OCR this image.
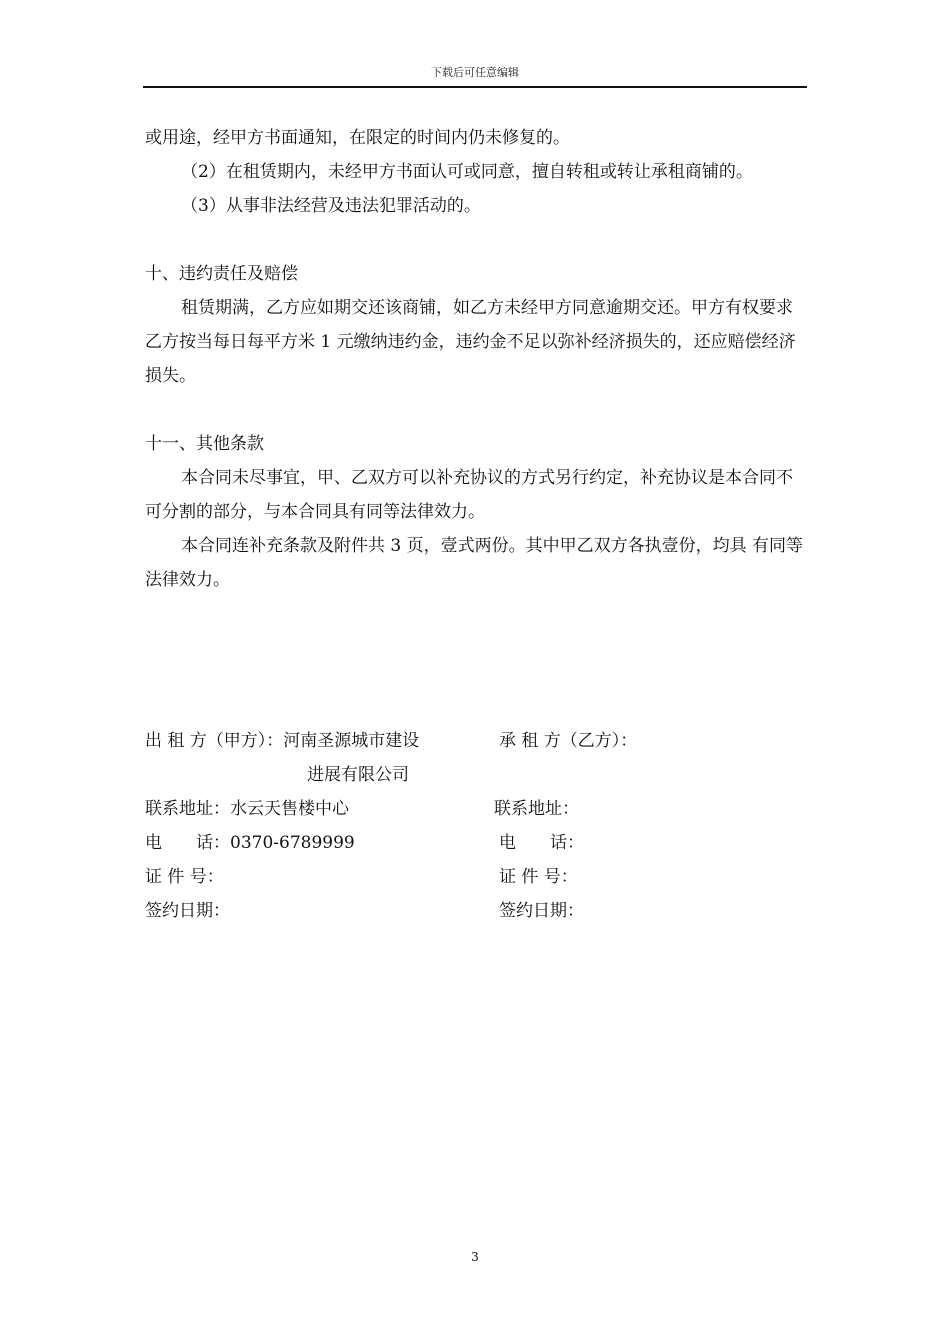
下载后可任意编辑

或用途，经甲方书面通知，在限定的时间内仍未修复的。

（2）在租赁期内，未经甲方书面认可或同意，擅自转租或转让承租商铺的。

（3）从事非法经营及违法犯罪活动的。

十、违约责任及赔偿

租赁期满，乙方应如期交还该商铺，如乙方未经甲方同意逾期交还。甲方有权要求乙方按当每日每平方米 1 元缴纳违约金，违约金不足以弥补经济损失的，还应赔偿经济损失。

十一、其他条款

本合同未尽事宜，甲、乙双方可以补充协议的方式另行约定，补充协议是本合同不可分割的部分，与本合同具有同等法律效力。

本合同连补充条款及附件共 3 页，壹式两份。其中甲乙双方各执壹份，均具 有同等法律效力。

出 租 方（甲方）：河南圣源城市建设	承 租 方（乙方）：
进展有限公司
联系地址：水云天售楼中心	联系地址：
电　　话：0370-6789999	电　　话：
证 件 号：	证 件 号：
签约日期：	签约日期：
3
